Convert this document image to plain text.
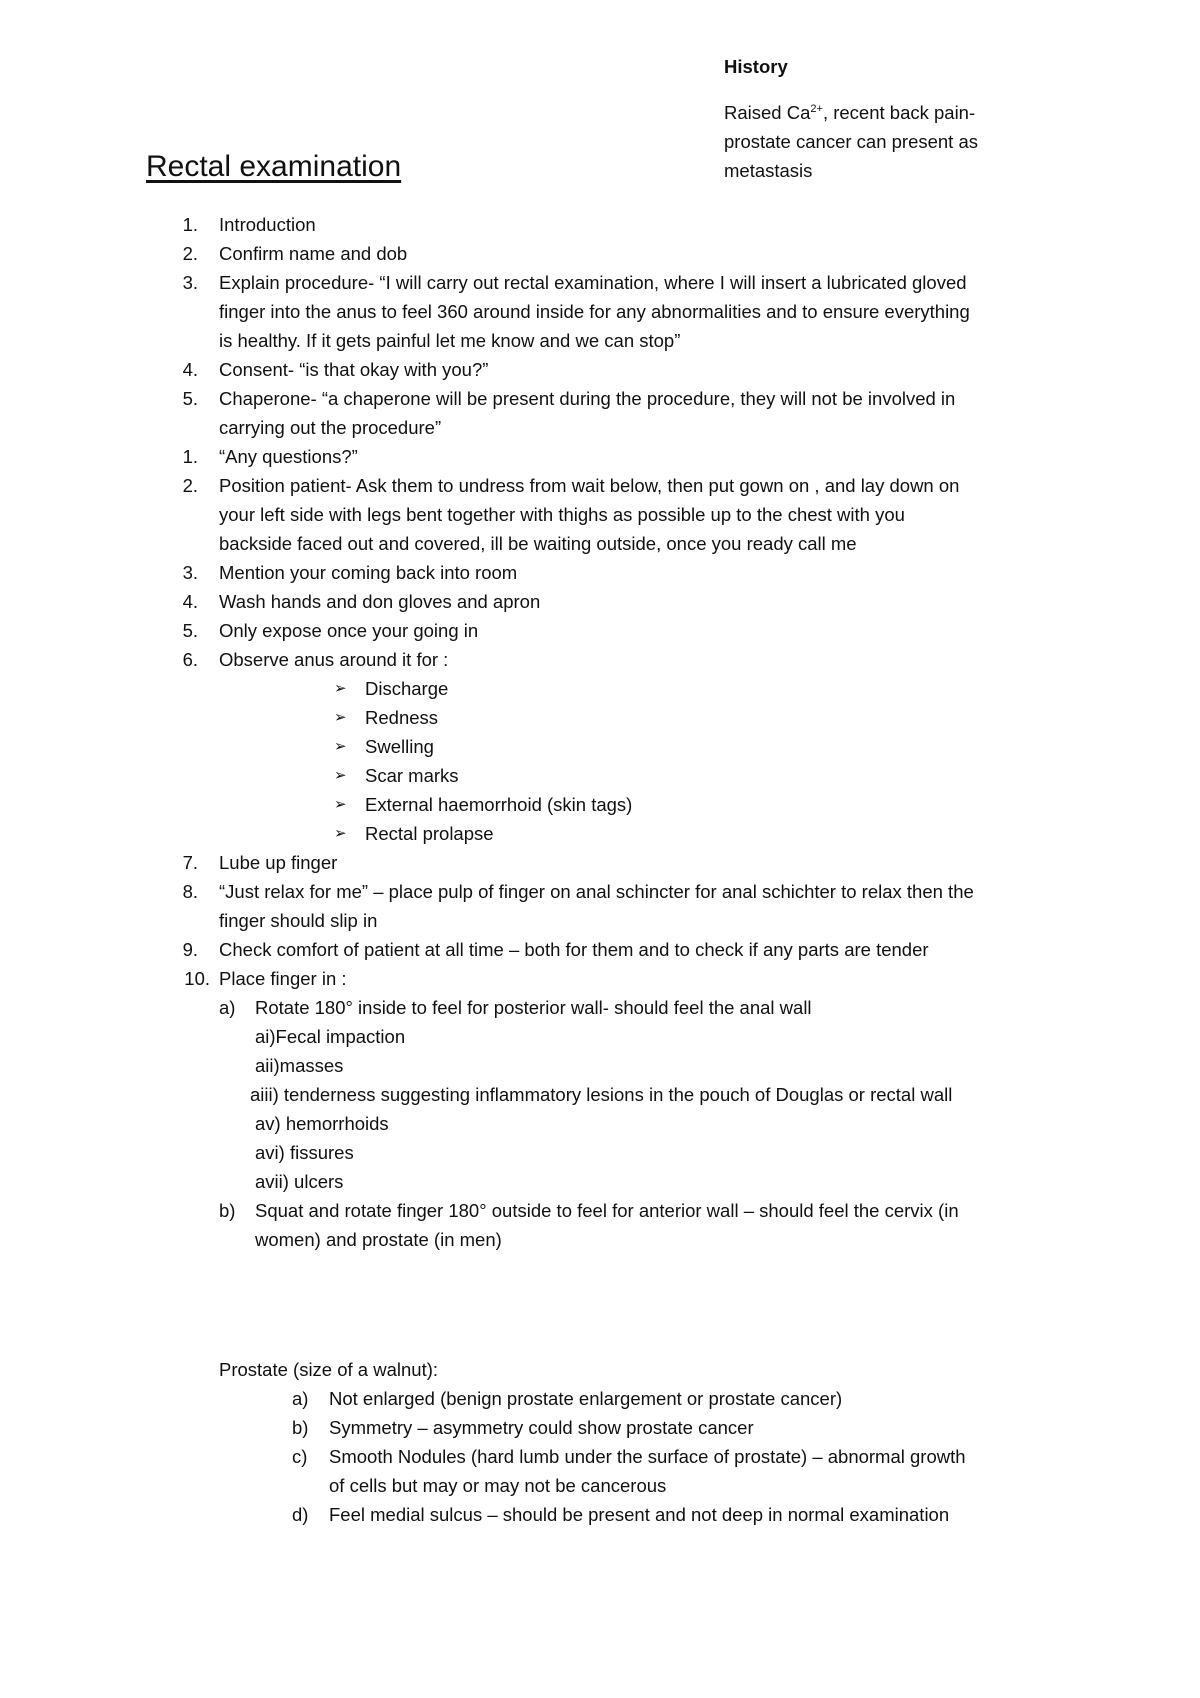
History
Raised $Ca^{2+}$, recent back pain-
prostate cancer can present as
metastasis
Rectal examination
1. Introduction
2. Confirm name and dob
3. Explain procedure- “I will carry out rectal examination, where I will insert a lubricated gloved
finger into the anus to feel 360 around inside for any abnormalities and to ensure everything
is healthy. If it gets painful let me know and we can stop”
4. Consent- “is that okay with you?”
5. Chaperone- “a chaperone will be present during the procedure, they will not be involved in
carrying out the procedure”
1. “Any questions?”
2. Position patient- Ask them to undress from wait below, then put gown on , and lay down on
your left side with legs bent together with thighs as possible up to the chest with you
backside faced out and covered, ill be waiting outside, once you ready call me
3. Mention your coming back into room
4. Wash hands and don gloves and apron
5. Only expose once your going in
6. Observe anus around it for :
➢ Discharge
➢ Redness
➢ Swelling
➢ Scar marks
➢ External haemorrhoid (skin tags)
➢ Rectal prolapse
7. Lube up finger
8. “Just relax for me” – place pulp of finger on anal schincter for anal schichter to relax then the
finger should slip in
9. Check comfort of patient at all time – both for them and to check if any parts are tender
10. Place finger in :
a) Rotate 180° inside to feel for posterior wall- should feel the anal wall
ai)Fecal impaction
aii)masses
aiii) tenderness suggesting inflammatory lesions in the pouch of Douglas or rectal wall
av) hemorrhoids
avi) fissures
avii) ulcers
b) Squat and rotate finger 180° outside to feel for anterior wall – should feel the cervix (in
women) and prostate (in men)
Prostate (size of a walnut):
a) Not enlarged (benign prostate enlargement or prostate cancer)
b) Symmetry – asymmetry could show prostate cancer
c) Smooth Nodules (hard lumb under the surface of prostate) – abnormal growth
of cells but may or may not be cancerous
d) Feel medial sulcus – should be present and not deep in normal examination
